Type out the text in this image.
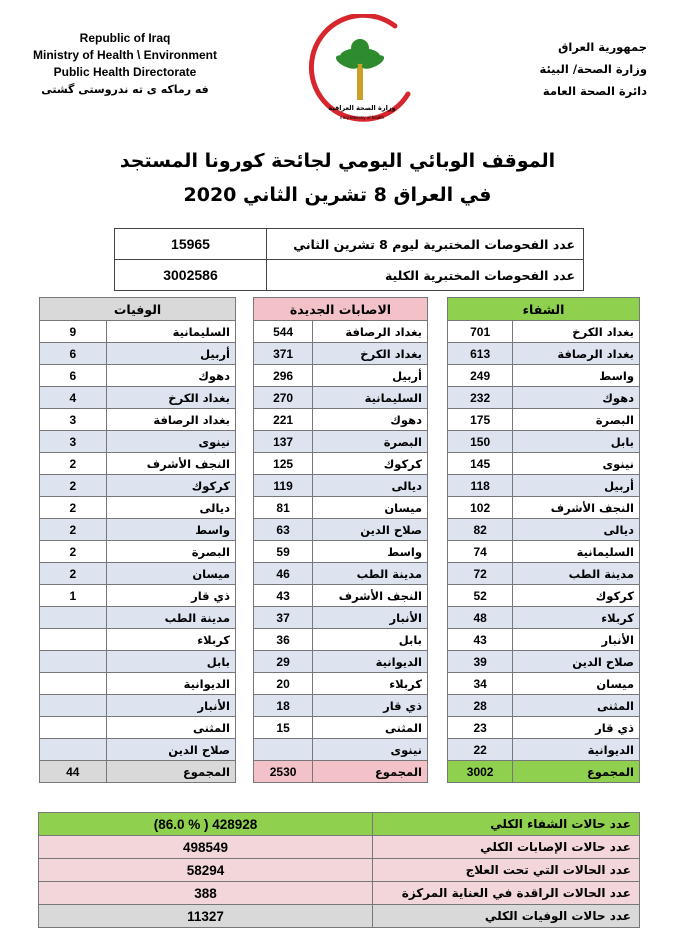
Republic of Iraq
Ministry of Health \ Environment
Public Health Directorate
فه رماكه ى ته ندروستى گشتى
وزارة الصحة العراقية
Iraqi Ministry of health
جمهورية العراق
وزارة الصحة/ البيئة
دائرة الصحة العامة
الموقف الوبائي اليومي لجائحة كورونا المستجد
في العراق 8 تشرين الثاني 2020
عدد الفحوصات المختبرية ليوم 8 تشرين الثاني	15965
عدد الفحوصات المختبرية الكلية	3002586
الشفاء	
بغداد الكرخ	701
بغداد الرصافة	613
واسط	249
دهوك	232
البصرة	175
بابل	150
نينوى	145
أربيل	118
النجف الأشرف	102
ديالى	82
السليمانية	74
مدينة الطب	72
كركوك	52
كربلاء	48
الأنبار	43
صلاح الدين	39
ميسان	34
المثنى	28
ذي قار	23
الديوانية	22
المجموع	3002
الاصابات الجديدة	
بغداد الرصافة	544
بغداد الكرخ	371
أربيل	296
السليمانية	270
دهوك	221
البصرة	137
كركوك	125
ديالى	119
ميسان	81
صلاح الدين	63
واسط	59
مدينة الطب	46
النجف الأشرف	43
الأنبار	37
بابل	36
الديوانية	29
كربلاء	20
ذي قار	18
المثنى	15
نينوى	
المجموع	2530
الوفيات	
السليمانية	9
أربيل	6
دهوك	6
بغداد الكرخ	4
بغداد الرصافة	3
نينوى	3
النجف الأشرف	2
كركوك	2
ديالى	2
واسط	2
البصرة	2
ميسان	2
ذي قار	1
مدينة الطب	
كربلاء	
بابل	
الديوانية	
الأنبار	
المثنى	
صلاح الدين	
المجموع	44
عدد حالات الشفاء الكلي	428928 ( % 86.0)
عدد حالات الإصابات الكلي	498549
عدد الحالات التي تحت العلاج	58294
عدد الحالات الراقدة في العناية المركزة	388
عدد حالات الوفيات الكلي	11327
